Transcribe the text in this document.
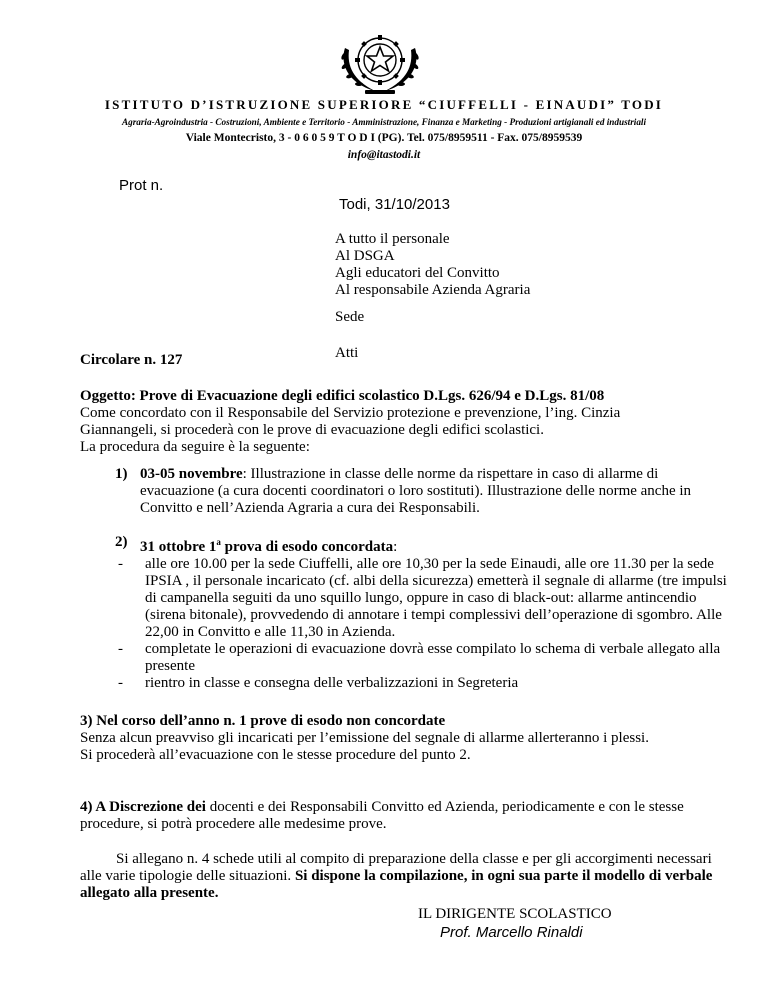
ISTITUTO D’ISTRUZIONE SUPERIORE “CIUFFELLI - EINAUDI” TODI
Agraria-Agroindustria - Costruzioni, Ambiente e Territorio - Amministrazione, Finanza e Marketing - Produzioni artigianali ed industriali
Viale Montecristo, 3 - 0 6 0 5 9 T O D I (PG). Tel. 075/8959511 - Fax. 075/8959539
info@itastodi.it
Prot n.
Todi, 31/10/2013
A tutto il personale
Al DSGA
Agli educatori del Convitto
Al responsabile Azienda Agraria
Sede
Atti
Circolare n. 127
Oggetto: Prove di Evacuazione degli edifici scolastico D.Lgs. 626/94 e D.Lgs. 81/08
Come concordato con il Responsabile del Servizio protezione e prevenzione, l’ing. Cinzia
Giannangeli, si procederà con le prove di evacuazione degli edifici scolastici.
La procedura da seguire è la seguente:
1) 03-05 novembre: Illustrazione in classe delle norme da rispettare in caso di allarme di evacuazione (a cura docenti coordinatori o loro sostituti). Illustrazione delle norme anche in Convitto e nell’Azienda Agraria a cura dei Responsabili.
2) 31 ottobre 1$^a$ prova di esodo concordata:
- alle ore 10.00 per la sede Ciuffelli, alle ore 10,30 per la sede Einaudi, alle ore 11.30 per la sede IPSIA , il personale incaricato (cf. albi della sicurezza) emetterà il segnale di allarme (tre impulsi di campanella seguiti da uno squillo lungo, oppure in caso di black-out: allarme antincendio (sirena bitonale), provvedendo di annotare i tempi complessivi dell’operazione di sgombro. Alle 22,00 in Convitto e alle 11,30 in Azienda.
- completate le operazioni di evacuazione dovrà esse compilato lo schema di verbale allegato alla presente
- rientro in classe e consegna delle verbalizzazioni in Segreteria
3) Nel corso dell’anno n. 1 prove di esodo non concordate
Senza alcun preavviso gli incaricati per l’emissione del segnale di allarme allerteranno i plessi.
Si procederà all’evacuazione con le stesse procedure del punto 2.
4) A Discrezione dei docenti e dei Responsabili Convitto ed Azienda, periodicamente e con le stesse procedure, si potrà procedere alle medesime prove.
Si allegano n. 4 schede utili al compito di preparazione della classe e per gli accorgimenti necessari alle varie tipologie delle situazioni. Si dispone la compilazione, in ogni sua parte il modello di verbale allegato alla presente.
IL DIRIGENTE SCOLASTICO
Prof. Marcello Rinaldi
